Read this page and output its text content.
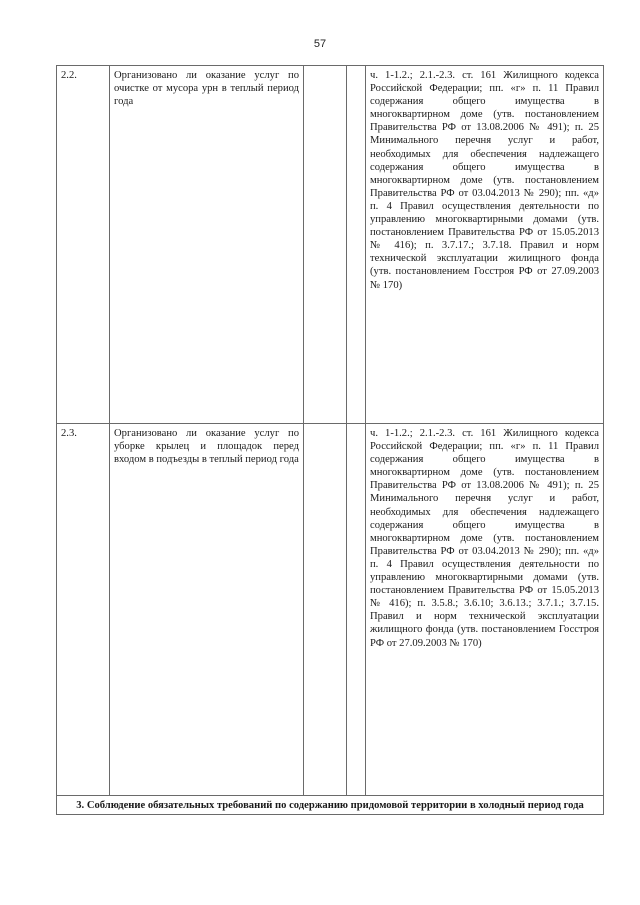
57
2.2.	Организовано ли оказание услуг по очистке от мусора урн в теплый период года			ч. 1-1.2.; 2.1.-2.3. ст. 161 Жилищного кодекса Российской Федерации; пп. «г» п. 11 Правил содержания общего имущества в многоквартирном доме (утв. постановлением Правительства РФ от 13.08.2006 № 491); п. 25 Минимального перечня услуг и работ, необходимых для обеспечения надлежащего содержания общего имущества в многоквартирном доме (утв. постановлением Правительства РФ от 03.04.2013 № 290); пп. «д» п. 4 Правил осуществления деятельности по управлению многоквартирными домами (утв. постановлением Правительства РФ от 15.05.2013 № 416); п. 3.7.17.; 3.7.18. Правил и норм технической эксплуатации жилищного фонда (утв. постановлением Госстроя РФ от 27.09.2003 № 170)

2.3.	Организовано ли оказание услуг по уборке крылец и площадок перед входом в подъезды в теплый период года			ч. 1-1.2.; 2.1.-2.3. ст. 161 Жилищного кодекса Российской Федерации; пп. «г» п. 11 Правил содержания общего имущества в многоквартирном доме (утв. постановлением Правительства РФ от 13.08.2006 № 491); п. 25 Минимального перечня услуг и работ, необходимых для обеспечения надлежащего содержания общего имущества в многоквартирном доме (утв. постановлением Правительства РФ от 03.04.2013 № 290); пп. «д» п. 4 Правил осуществления деятельности по управлению многоквартирными домами (утв. постановлением Правительства РФ от 15.05.2013 № 416); п. 3.5.8.; 3.6.10; 3.6.13.; 3.7.1.; 3.7.15. Правил и норм технической эксплуатации жилищного фонда (утв. постановлением Госстроя РФ от 27.09.2003 № 170)

3. Соблюдение обязательных требований по содержанию придомовой территории в холодный период года				
